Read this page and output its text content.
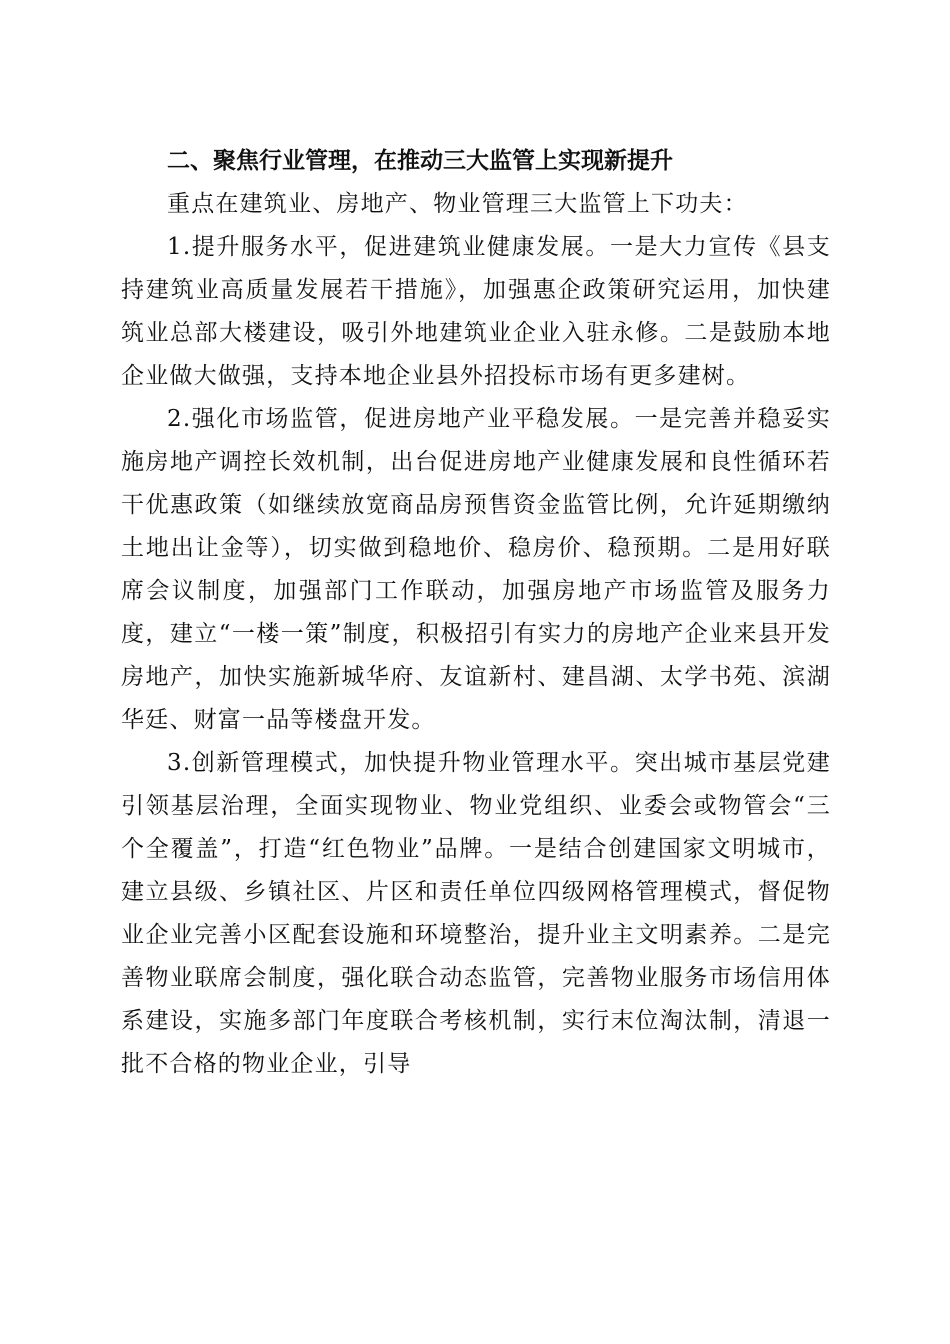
二、聚焦行业管理，在推动三大监管上实现新提升

重点在建筑业、房地产、物业管理三大监管上下功夫：

1.提升服务水平，促进建筑业健康发展。一是大力宣传《县支持建筑业高质量发展若干措施》，加强惠企政策研究运用，加快建筑业总部大楼建设，吸引外地建筑业企业入驻永修。二是鼓励本地企业做大做强，支持本地企业县外招投标市场有更多建树。

2.强化市场监管，促进房地产业平稳发展。一是完善并稳妥实施房地产调控长效机制，出台促进房地产业健康发展和良性循环若干优惠政策（如继续放宽商品房预售资金监管比例，允许延期缴纳土地出让金等），切实做到稳地价、稳房价、稳预期。二是用好联席会议制度，加强部门工作联动，加强房地产市场监管及服务力度，建立“一楼一策”制度，积极招引有实力的房地产企业来县开发房地产，加快实施新城华府、友谊新村、建昌湖、太学书苑、滨湖华廷、财富一品等楼盘开发。

3.创新管理模式，加快提升物业管理水平。突出城市基层党建引领基层治理，全面实现物业、物业党组织、业委会或物管会“三个全覆盖”，打造“红色物业”品牌。一是结合创建国家文明城市，建立县级、乡镇社区、片区和责任单位四级网格管理模式，督促物业企业完善小区配套设施和环境整治，提升业主文明素养。二是完善物业联席会制度，强化联合动态监管，完善物业服务市场信用体系建设，实施多部门年度联合考核机制，实行末位淘汰制，清退一批不合格的物业企业，引导
